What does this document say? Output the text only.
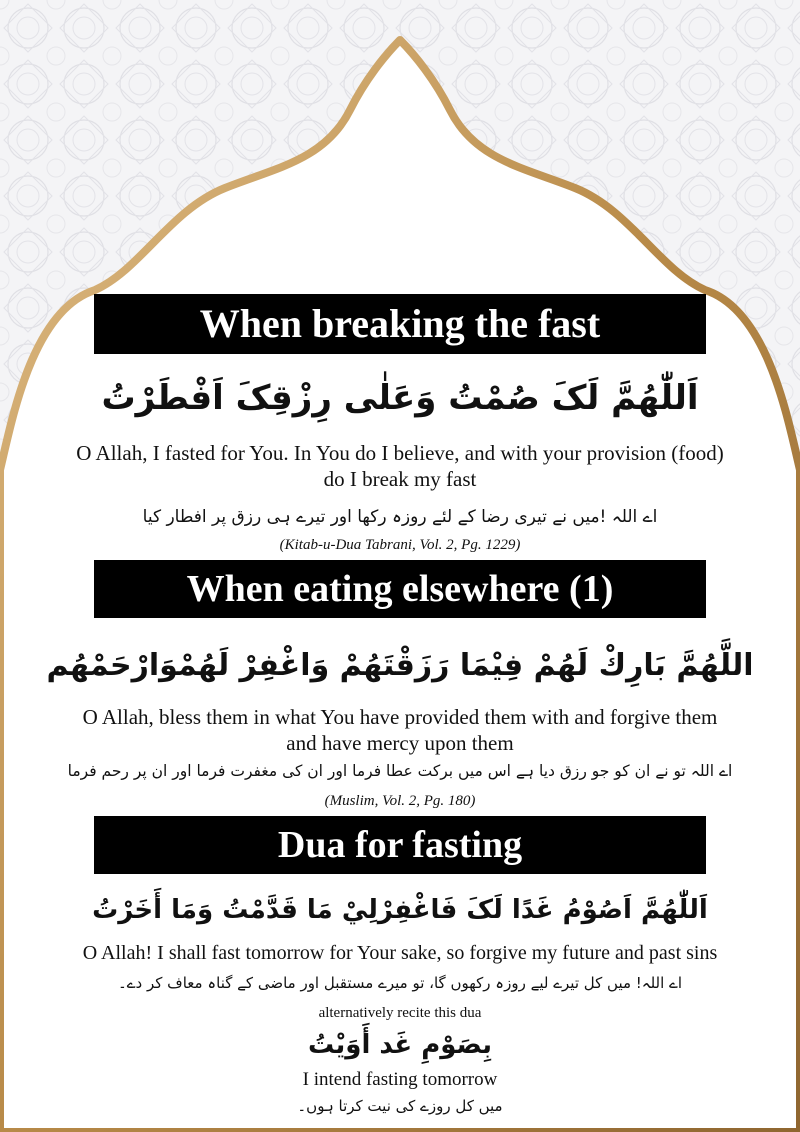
When breaking the fast
اَللّٰھُمَّ لَکَ صُمْتُ وَعَلٰی رِزْقِکَ اَفْطَرْتُ
O Allah, I fasted for You. In You do I believe, and with your provision (food) do I break my fast
اے اللہ !میں نے تیری رضا کے لئے روزہ رکھا اور تیرے ہی رزق پر افطار کیا
(Kitab-u-Dua Tabrani, Vol. 2, Pg. 1229)
When eating elsewhere (1)
اللَّهُمَّ بَارِكْ لَهُمْ فِيْمَا رَزَقْتَهُمْ وَاغْفِرْ لَهُمْوَارْحَمْهُم
O Allah, bless them in what You have provided them with and forgive them and have mercy upon them
اے اللہ تو نے ان کو جو رزق دیا ہے اس میں برکت عطا فرما اور ان کی مغفرت فرما اور ان پر رحم فرما
(Muslim, Vol. 2, Pg. 180)
Dua for fasting
اَللّٰھُمَّ اَصُوْمُ غَدًا لَکَ فَاغْفِرْلِيْ مَا قَدَّمْتُ وَمَا أَخَرْتُ
O Allah! I shall fast tomorrow for Your sake, so forgive my future and past sins
اے اللہ! میں کل تیرے لیے روزہ رکھوں گا، تو میرے مستقبل اور ماضی کے گناہ معاف کر دے۔
alternatively recite this dua
بِصَوْمِ غَد أَوَيْتُ
I intend fasting tomorrow
میں کل روزے کی نیت کرتا ہوں۔
